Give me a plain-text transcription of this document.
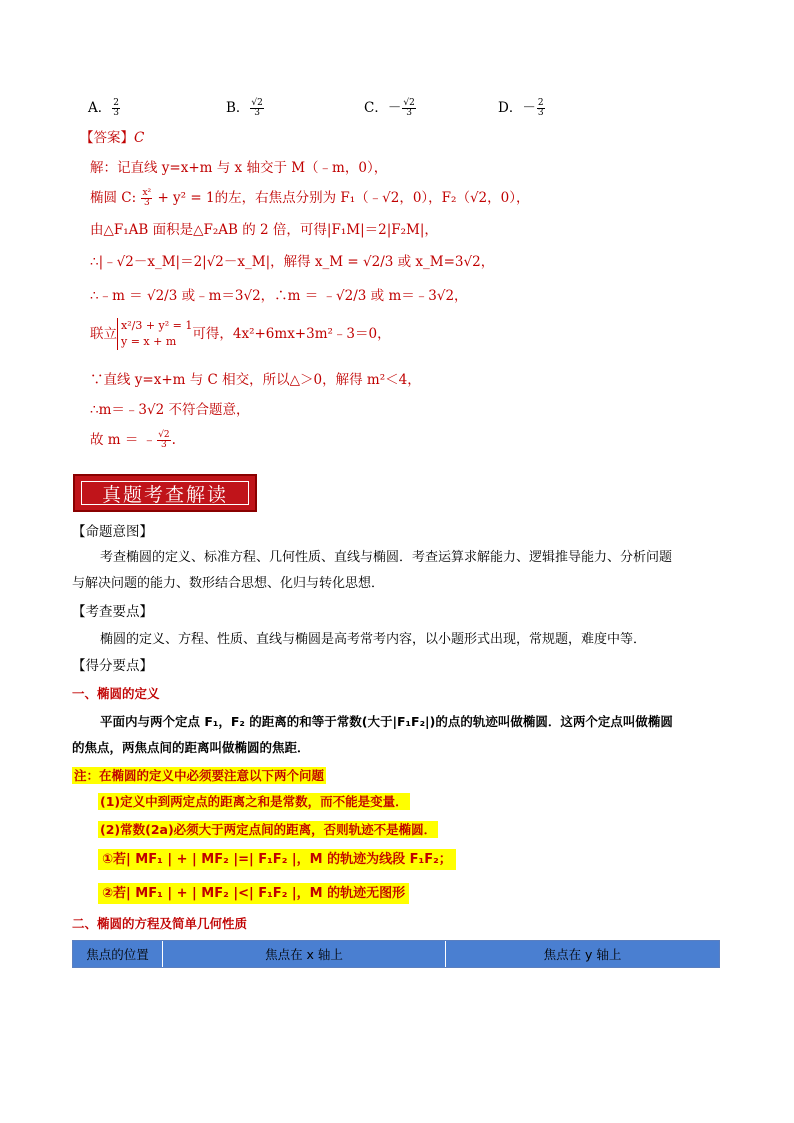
A． $\frac{2}{3}$	B． $\frac{√2}{3}$	C．－ $\frac{√2}{3}$	D．－ $\frac{2}{3}$
【答案】C
解：记直线 y=x+m 与 x 轴交于 M（﹣m，0），
椭圆 C: $\frac{\text{x²}}{3} + y^2 = 1$的左，右焦点分别为 F₁（﹣√2，0），F₂（√2，0），
由△F₁AB 面积是△F₂AB 的 2 倍，可得|F₁M|＝2|F₂M|，
∴|﹣√2－x_M|＝2|√2－x_M|，解得 x_M = √2/3 或 x_M=3√2，
∴﹣m ＝ √2/3 或﹣m＝3√2，∴m ＝ ﹣√2/3 或 m＝﹣3√2，
联立
x²/3 + y² = 1
y = x + m	可得，4x²+6mx+3m²﹣3＝0，
∵直线 y=x+m 与 C 相交，所以△＞0，解得 m²＜4，
∴m＝﹣3√2 不符合题意，
故 m ＝ ﹣ $\frac{√2}{3}$ .
真题考查解读
【命题意图】
考查椭圆的定义、标准方程、几何性质、直线与椭圆．考查运算求解能力、逻辑推导能力、分析问题
与解决问题的能力、数形结合思想、化归与转化思想．
【考查要点】
椭圆的定义、方程、性质、直线与椭圆是高考常考内容，以小题形式出现，常规题，难度中等．
【得分要点】
一、椭圆的定义
平面内与两个定点 F₁，F₂ 的距离的和等于常数(大于|F₁F₂|)的点的轨迹叫做椭圆．这两个定点叫做椭圆
的焦点，两焦点间的距离叫做椭圆的焦距．
注：在椭圆的定义中必须要注意以下两个问题
(1)定义中到两定点的距离之和是常数，而不能是变量．
(2)常数(2a)必须大于两定点间的距离，否则轨迹不是椭圆．
①若| MF₁ | + | MF₂ |=| F₁F₂ |，M 的轨迹为线段 F₁F₂；
②若| MF₁ | + | MF₂ |<| F₁F₂ |，M 的轨迹无图形
二、椭圆的方程及简单几何性质
焦点的位置	焦点在 x 轴上	焦点在 y 轴上
